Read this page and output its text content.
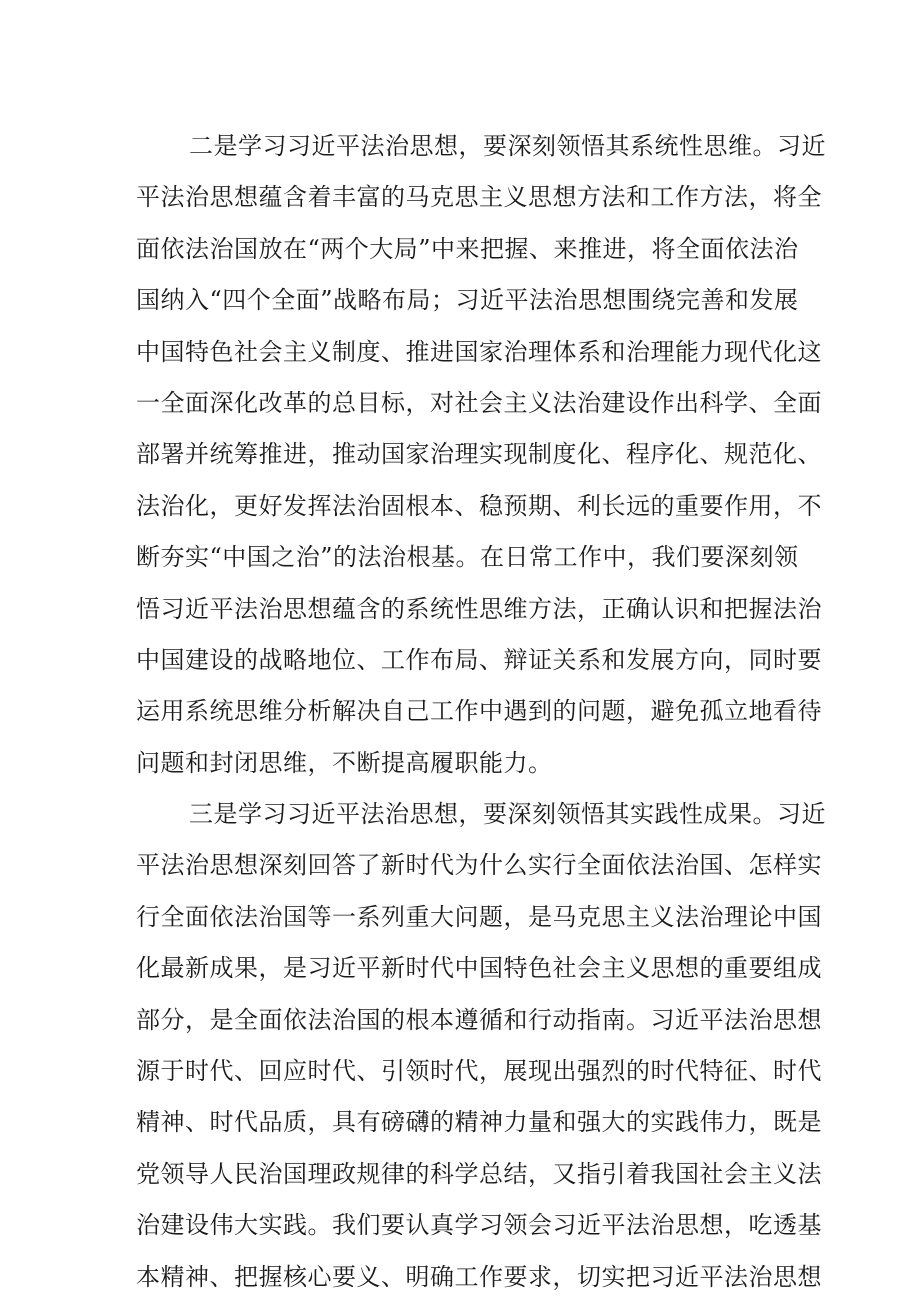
二是学习习近平法治思想，要深刻领悟其系统性思维。习近
平法治思想蕴含着丰富的马克思主义思想方法和工作方法，将全
面依法治国放在“两个大局”中来把握、来推进，将全面依法治
国纳入“四个全面”战略布局；习近平法治思想围绕完善和发展
中国特色社会主义制度、推进国家治理体系和治理能力现代化这
一全面深化改革的总目标，对社会主义法治建设作出科学、全面
部署并统筹推进，推动国家治理实现制度化、程序化、规范化、
法治化，更好发挥法治固根本、稳预期、利长远的重要作用，不
断夯实“中国之治”的法治根基。在日常工作中，我们要深刻领
悟习近平法治思想蕴含的系统性思维方法，正确认识和把握法治
中国建设的战略地位、工作布局、辩证关系和发展方向，同时要
运用系统思维分析解决自己工作中遇到的问题，避免孤立地看待
问题和封闭思维，不断提高履职能力。
三是学习习近平法治思想，要深刻领悟其实践性成果。习近
平法治思想深刻回答了新时代为什么实行全面依法治国、怎样实
行全面依法治国等一系列重大问题，是马克思主义法治理论中国
化最新成果，是习近平新时代中国特色社会主义思想的重要组成
部分，是全面依法治国的根本遵循和行动指南。习近平法治思想
源于时代、回应时代、引领时代，展现出强烈的时代特征、时代
精神、时代品质，具有磅礴的精神力量和强大的实践伟力，既是
党领导人民治国理政规律的科学总结，又指引着我国社会主义法
治建设伟大实践。我们要认真学习领会习近平法治思想，吃透基
本精神、把握核心要义、明确工作要求，切实把习近平法治思想
